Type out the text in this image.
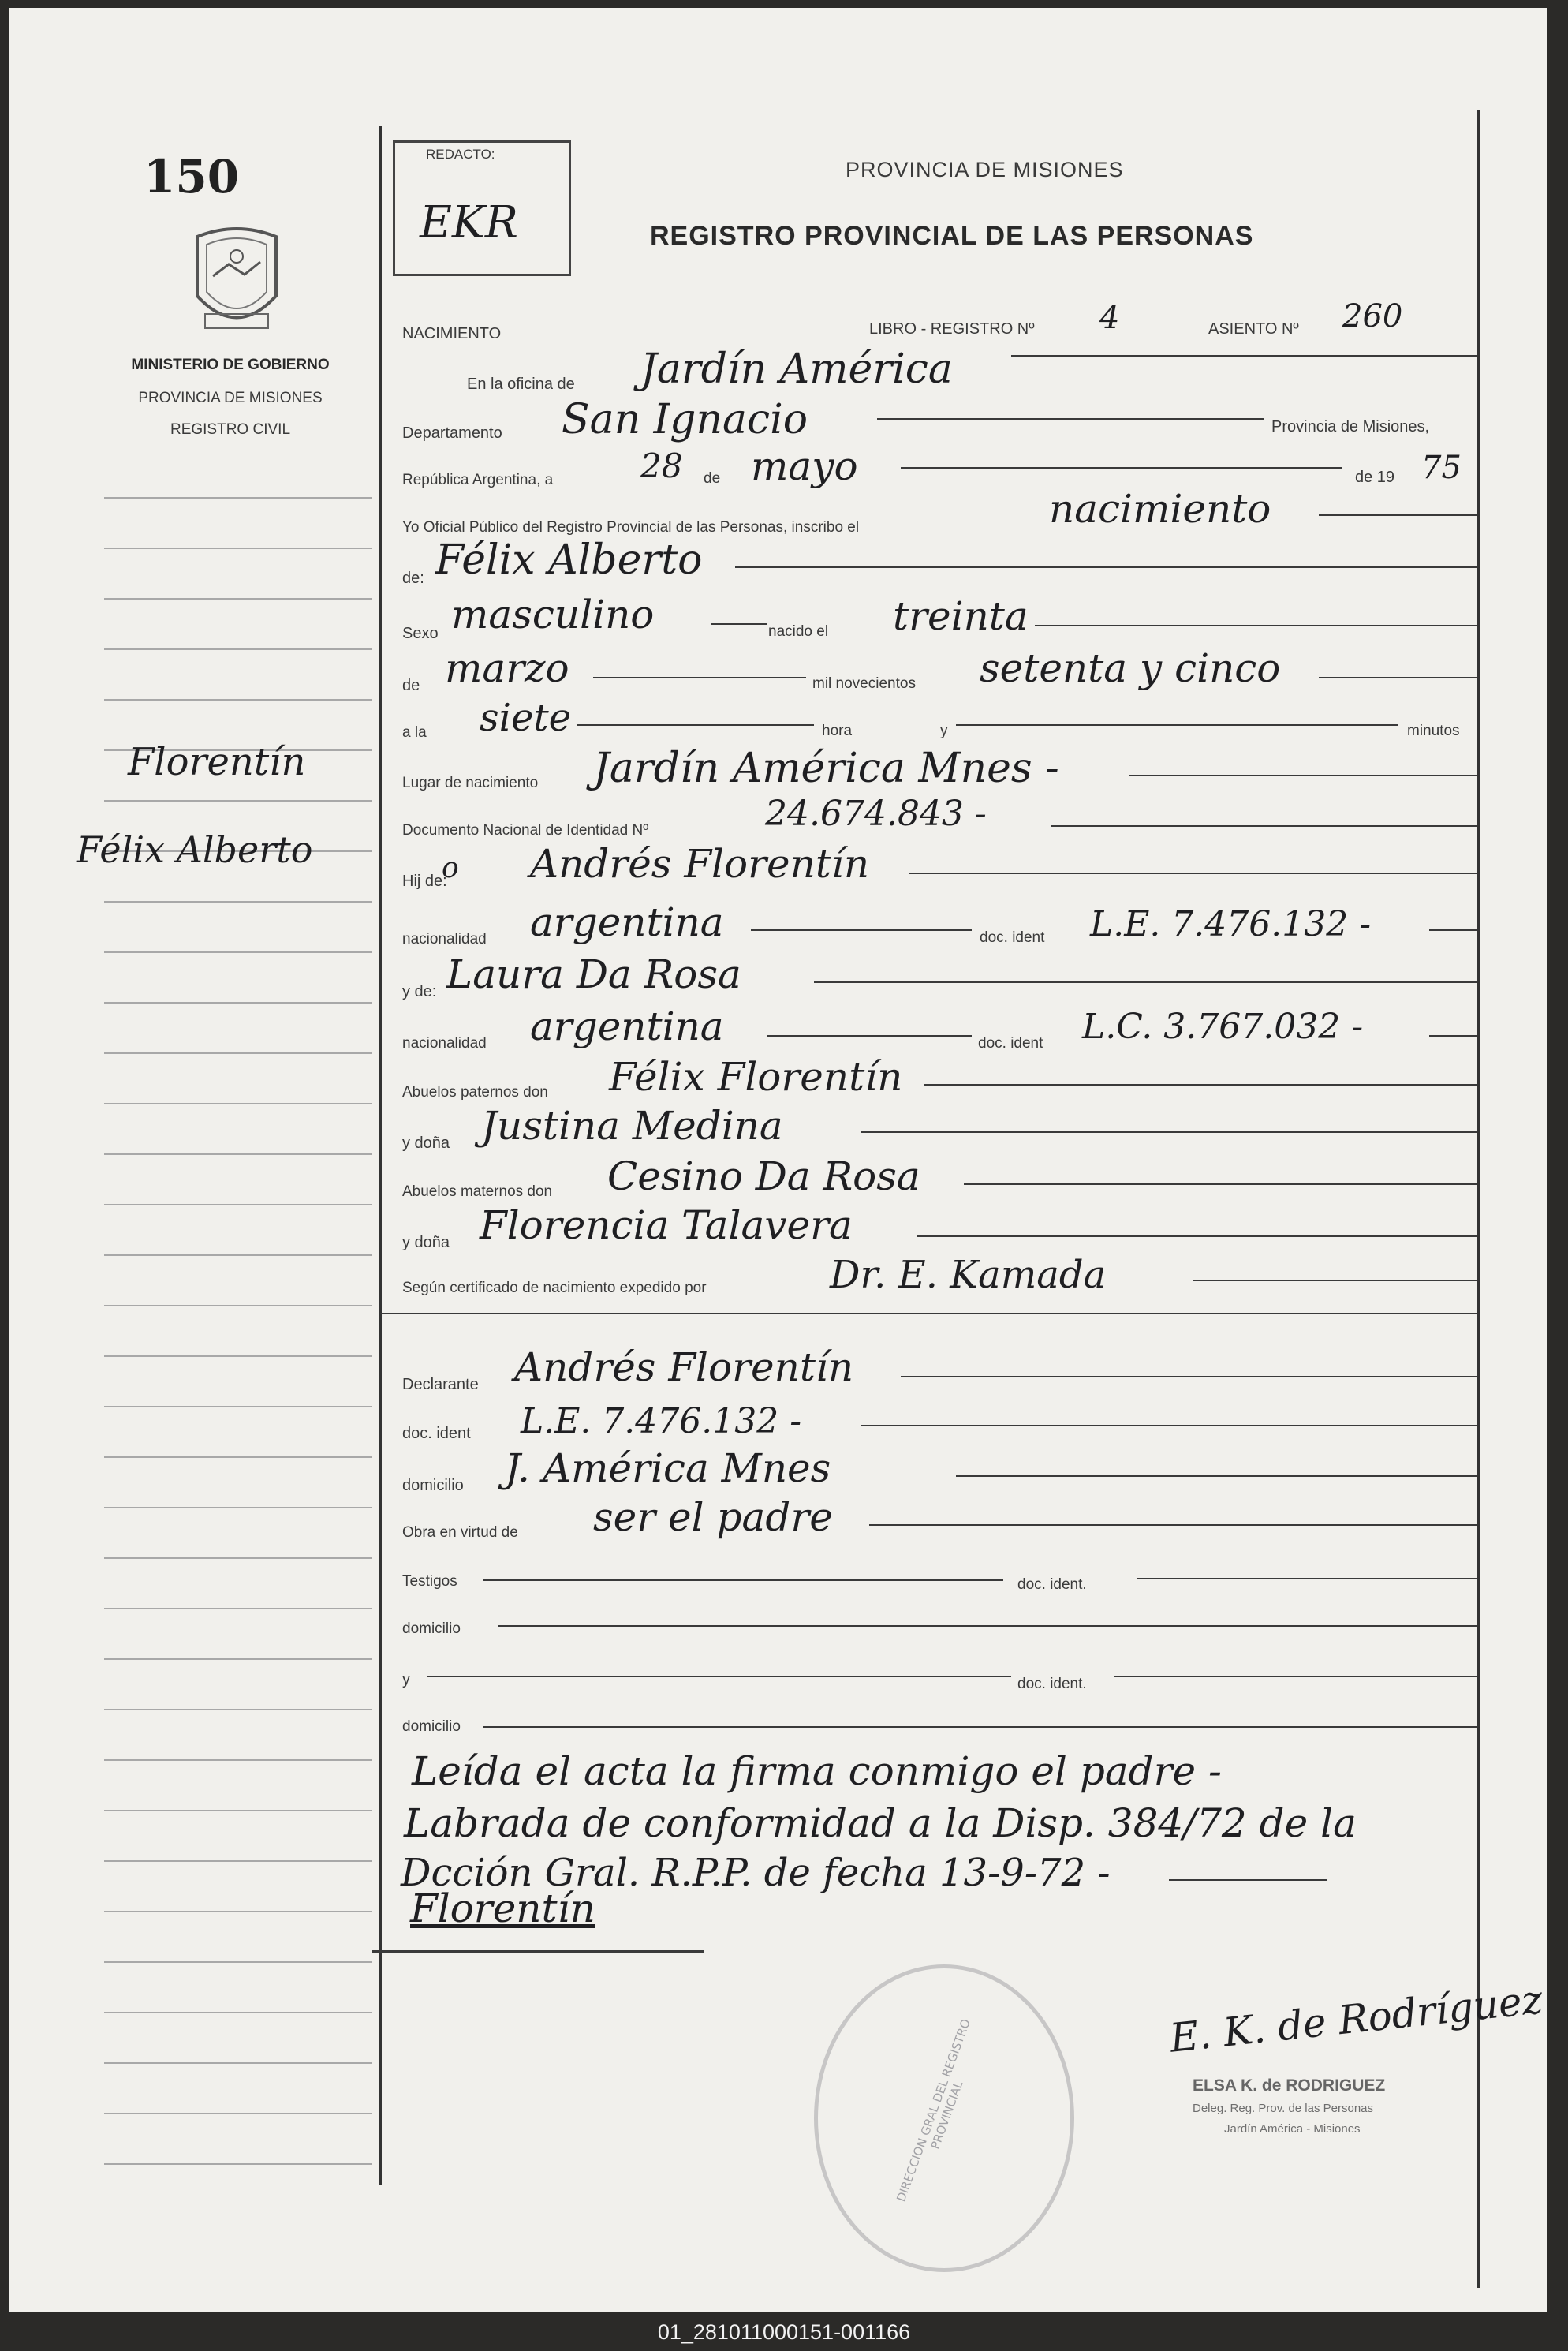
150
MINISTERIO DE GOBIERNO
PROVINCIA DE MISIONES
REGISTRO CIVIL
Florentín
Félix Alberto
REDACTO:
EKR
PROVINCIA DE MISIONES
REGISTRO PROVINCIAL DE LAS PERSONAS
NACIMIENTO	LIBRO - REGISTRO Nº 4	ASIENTO Nº 260
En la oficina de Jardín América
Departamento San Ignacio	Provincia de Misiones,
República Argentina, a	28 de mayo	de 19 75
Yo Oficial Público del Registro Provincial de las Personas, inscribo el	nacimiento
de: Félix Alberto
Sexo masculino	nacido el treinta
de marzo	mil novecientos setenta y cinco
a la siete	hora	y	minutos
Lugar de nacimiento Jardín América Mnes -
Documento Nacional de Identidad Nº	24.674.843 -
Hij de:
o Andrés Florentín
nacionalidad argentina	doc. ident L.E. 7.476.132 -
y de: Laura Da Rosa
nacionalidad argentina	doc. ident L.C. 3.767.032 -
Abuelos paternos don Félix Florentín
y doña Justina Medina
Abuelos maternos don Cesino Da Rosa
y doña Florencia Talavera
Según certificado de nacimiento expedido por	Dr. E. Kamada
Declarante Andrés Florentín
doc. ident L.E. 7.476.132 -
domicilio J. América Mnes
Obra en virtud de ser el padre
Testigos	doc. ident.
domicilio
y	doc. ident.
domicilio
Leída el acta la firma conmigo el padre -
Labrada de conformidad a la Disp. 384/72 de la
Dcción Gral. R.P.P. de fecha 13-9-72 -
Florentín
DIRECCION GRAL DEL REGISTRO PROVINCIAL
E. K. de Rodríguez
ELSA K. de RODRIGUEZ
Deleg. Reg. Prov. de las Personas
Jardín América - Misiones
01_281011000151-001166
